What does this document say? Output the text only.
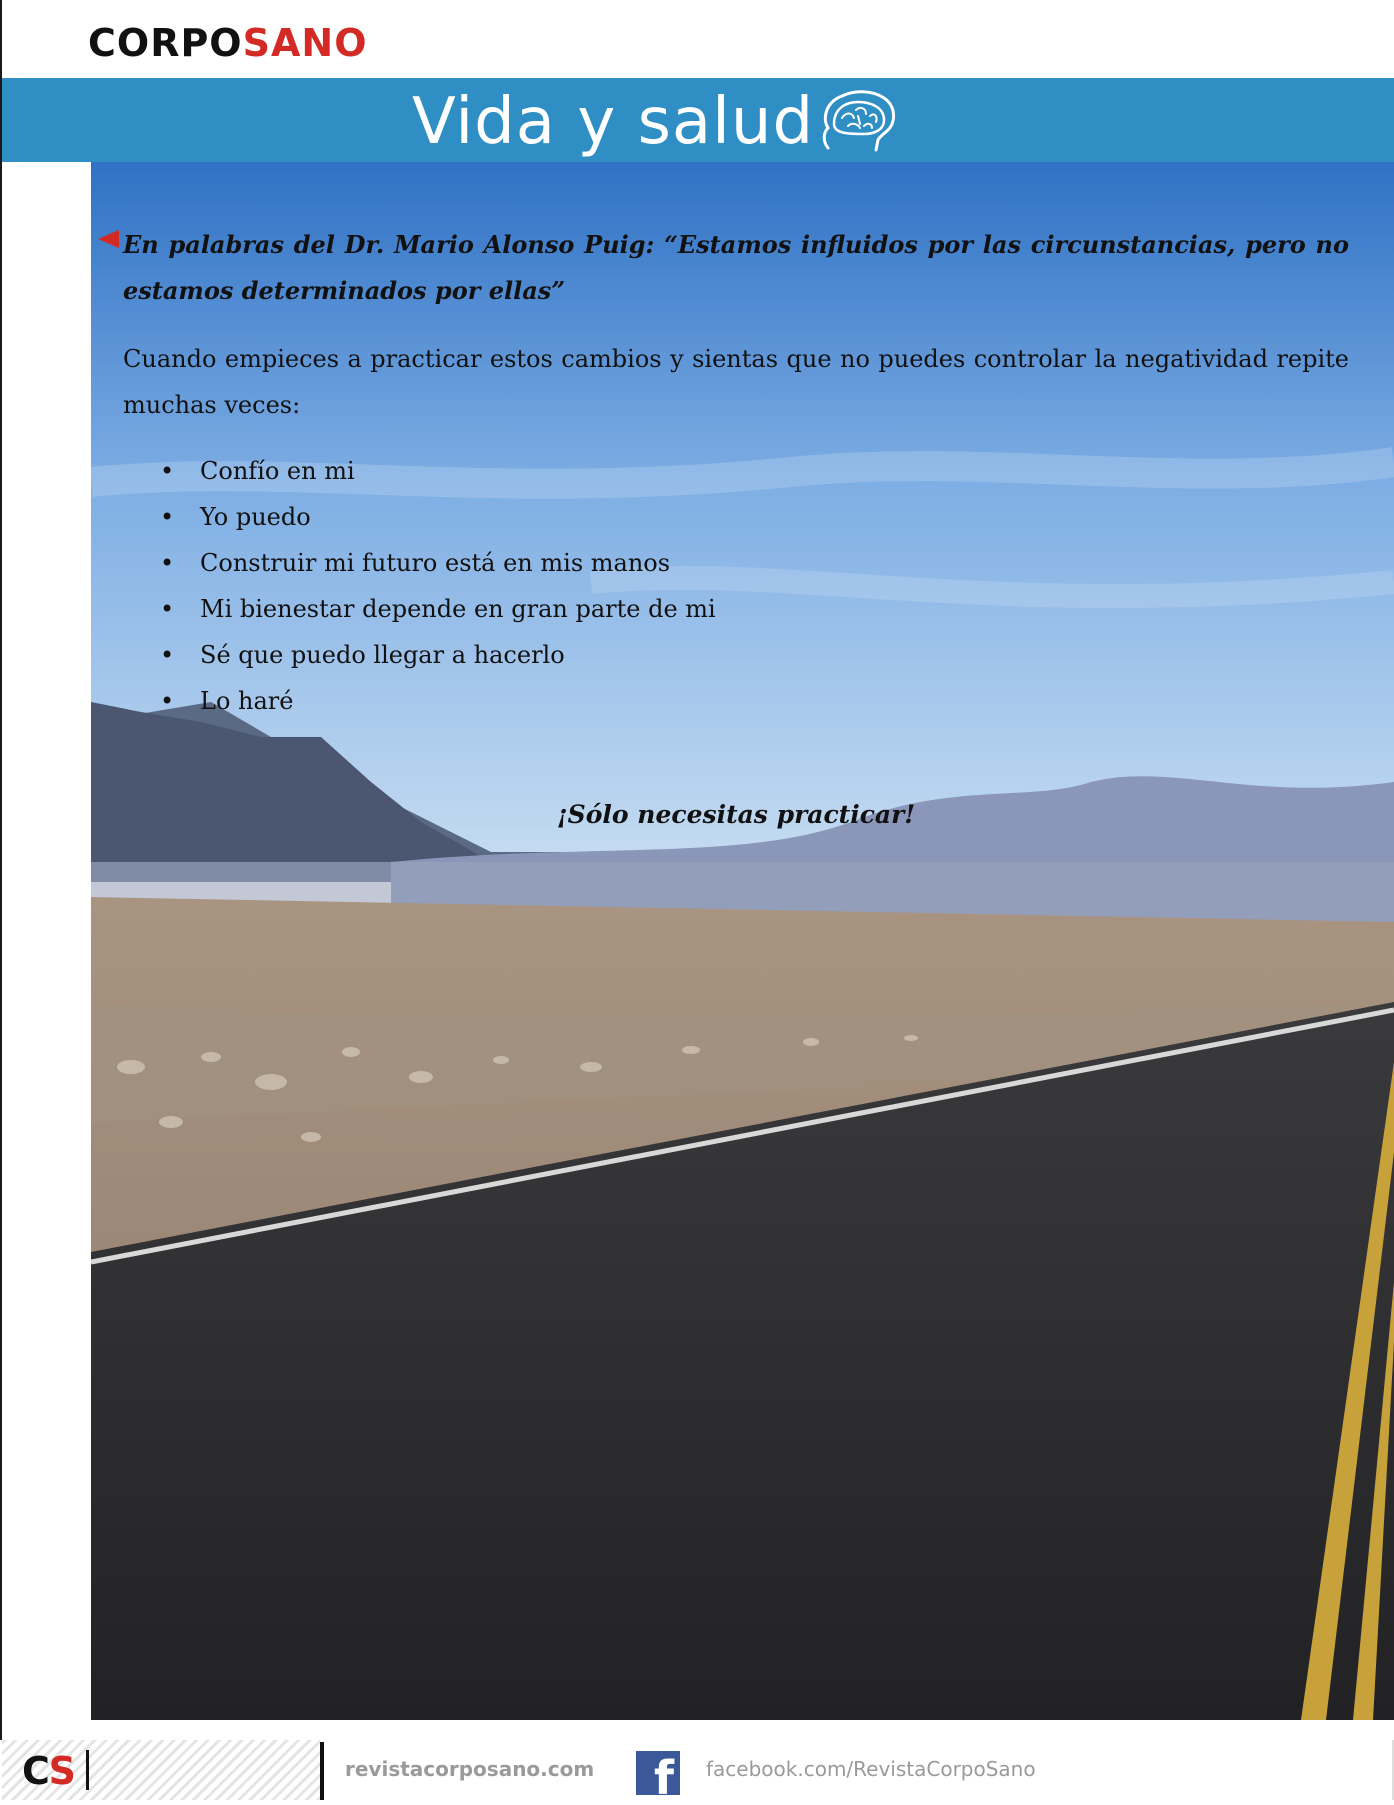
CORPOSANO
Vida y salud

En palabras del Dr. Mario Alonso Puig: “Estamos influidos por las circunstancias, pero no estamos determinados por ellas”

Cuando empieces a practicar estos cambios y sientas que no puedes controlar la negatividad repite muchas veces:

• Confío en mi
• Yo puedo
• Construir mi futuro está en mis manos
• Mi bienestar depende en gran parte de mi
• Sé que puedo llegar a hacerlo
• Lo haré

¡Sólo necesitas practicar!

CS	revistacorposano.com f facebook.com/RevistaCorpoSano
